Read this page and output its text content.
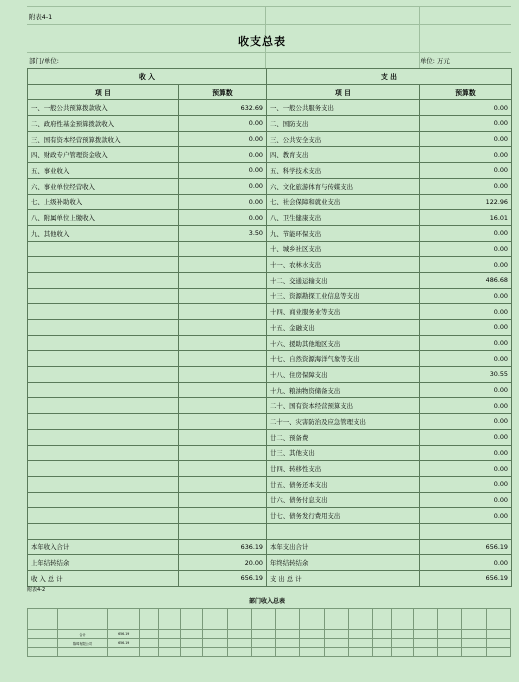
附表4-1
收支总表
部门/单位:	单位: 万元
收 入		支 出	
项 目	预算数	项 目	预算数
一、一般公共预算拨款收入	632.69	一、一般公共服务支出	0.00
二、政府性基金预算拨款收入	0.00	二、国防支出	0.00
三、国有资本经营预算拨款收入	0.00	三、公共安全支出	0.00
四、财政专户管理资金收入	0.00	四、教育支出	0.00
五、事业收入	0.00	五、科学技术支出	0.00
六、事业单位经营收入	0.00	六、文化旅游体育与传媒支出	0.00
七、上级补助收入	0.00	七、社会保障和就业支出	122.96
八、附属单位上缴收入	0.00	八、卫生健康支出	16.01
九、其他收入	3.50	九、节能环保支出	0.00
		十、城乡社区支出	0.00
		十一、农林水支出	0.00
		十二、交通运输支出	486.68
		十三、资源勘探工业信息等支出	0.00
		十四、商业服务业等支出	0.00
		十五、金融支出	0.00
		十六、援助其他地区支出	0.00
		十七、自然资源海洋气象等支出	0.00
		十八、住房保障支出	30.55
		十九、粮油物资储备支出	0.00
		二十、国有资本经营预算支出	0.00
		二十一、灾害防治及应急管理支出	0.00
		廿二、预备费	0.00
		廿三、其他支出	0.00
		廿四、转移性支出	0.00
		廿五、债务还本支出	0.00
		廿六、债务付息支出	0.00
		廿七、债务发行费用支出	0.00

本年收入合计	636.19	本年支出合计	656.19
上年结转结余	20.00	年终结转结余	0.00
收 入 总 计	656.19	支 出 总 计	656.19
附表4-2
部门收入总表

	合计	656.19																
	陈埠有限公司	656.19																
